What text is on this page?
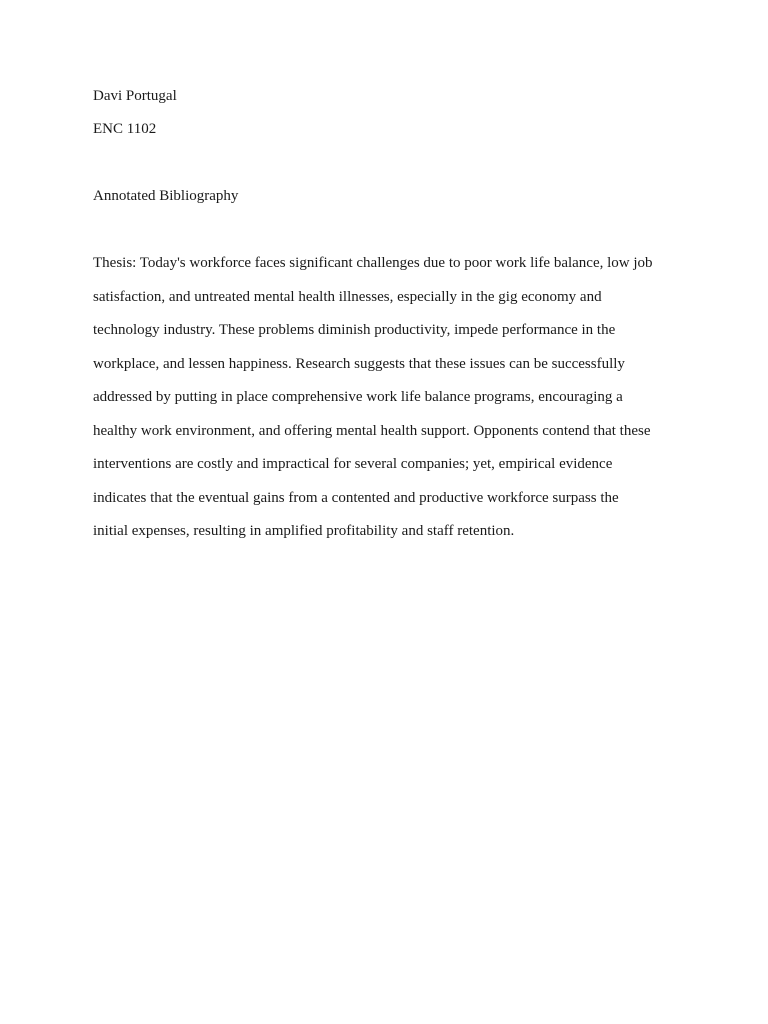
Davi Portugal

ENC 1102

Annotated Bibliography

Thesis: Today's workforce faces significant challenges due to poor work life balance, low job
satisfaction, and untreated mental health illnesses, especially in the gig economy and
technology industry. These problems diminish productivity, impede performance in the
workplace, and lessen happiness. Research suggests that these issues can be successfully
addressed by putting in place comprehensive work life balance programs, encouraging a
healthy work environment, and offering mental health support. Opponents contend that these
interventions are costly and impractical for several companies; yet, empirical evidence
indicates that the eventual gains from a contented and productive workforce surpass the
initial expenses, resulting in amplified profitability and staff retention.
